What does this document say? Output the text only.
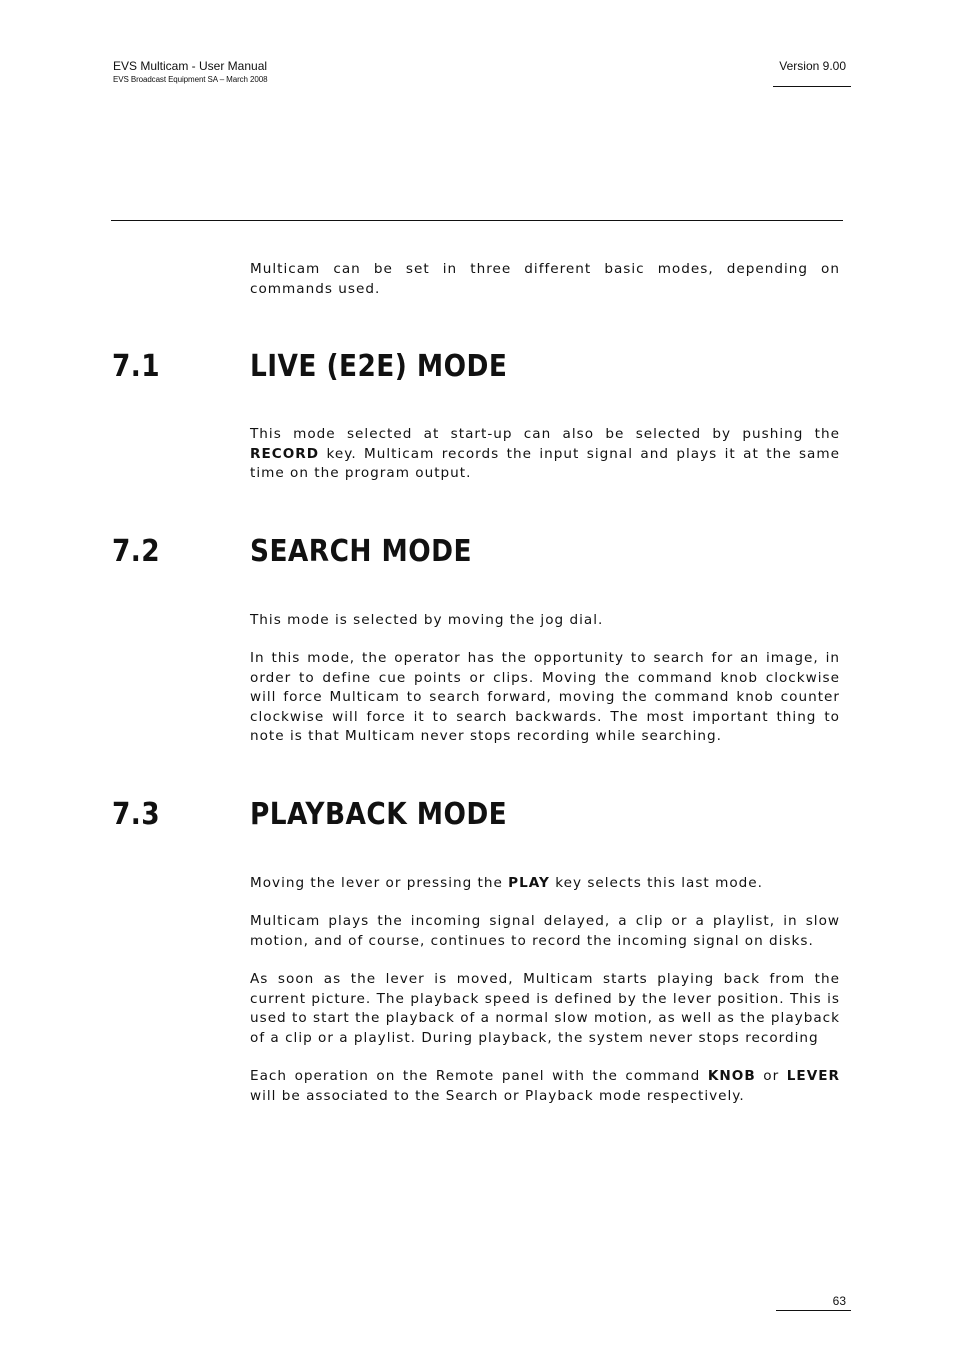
EVS Multicam - User Manual
EVS Broadcast Equipment SA – March 2008
Version 9.00

Multicam can be set in three different basic modes, depending on commands used.

7.1	LIVE (E2E) MODE

This mode selected at start-up can also be selected by pushing the RECORD key. Multicam records the input signal and plays it at the same time on the program output.

7.2	SEARCH MODE

This mode is selected by moving the jog dial.

In this mode, the operator has the opportunity to search for an image, in order to define cue points or clips. Moving the command knob clockwise will force Multicam to search forward, moving the command knob counter clockwise will force it to search backwards. The most important thing to note is that Multicam never stops recording while searching.

7.3	PLAYBACK MODE

Moving the lever or pressing the PLAY key selects this last mode.

Multicam plays the incoming signal delayed, a clip or a playlist, in slow motion, and of course, continues to record the incoming signal on disks.

As soon as the lever is moved, Multicam starts playing back from the current picture. The playback speed is defined by the lever position. This is used to start the playback of a normal slow motion, as well as the playback of a clip or a playlist. During playback, the system never stops recording

Each operation on the Remote panel with the command KNOB or LEVER will be associated to the Search or Playback mode respectively.

63
